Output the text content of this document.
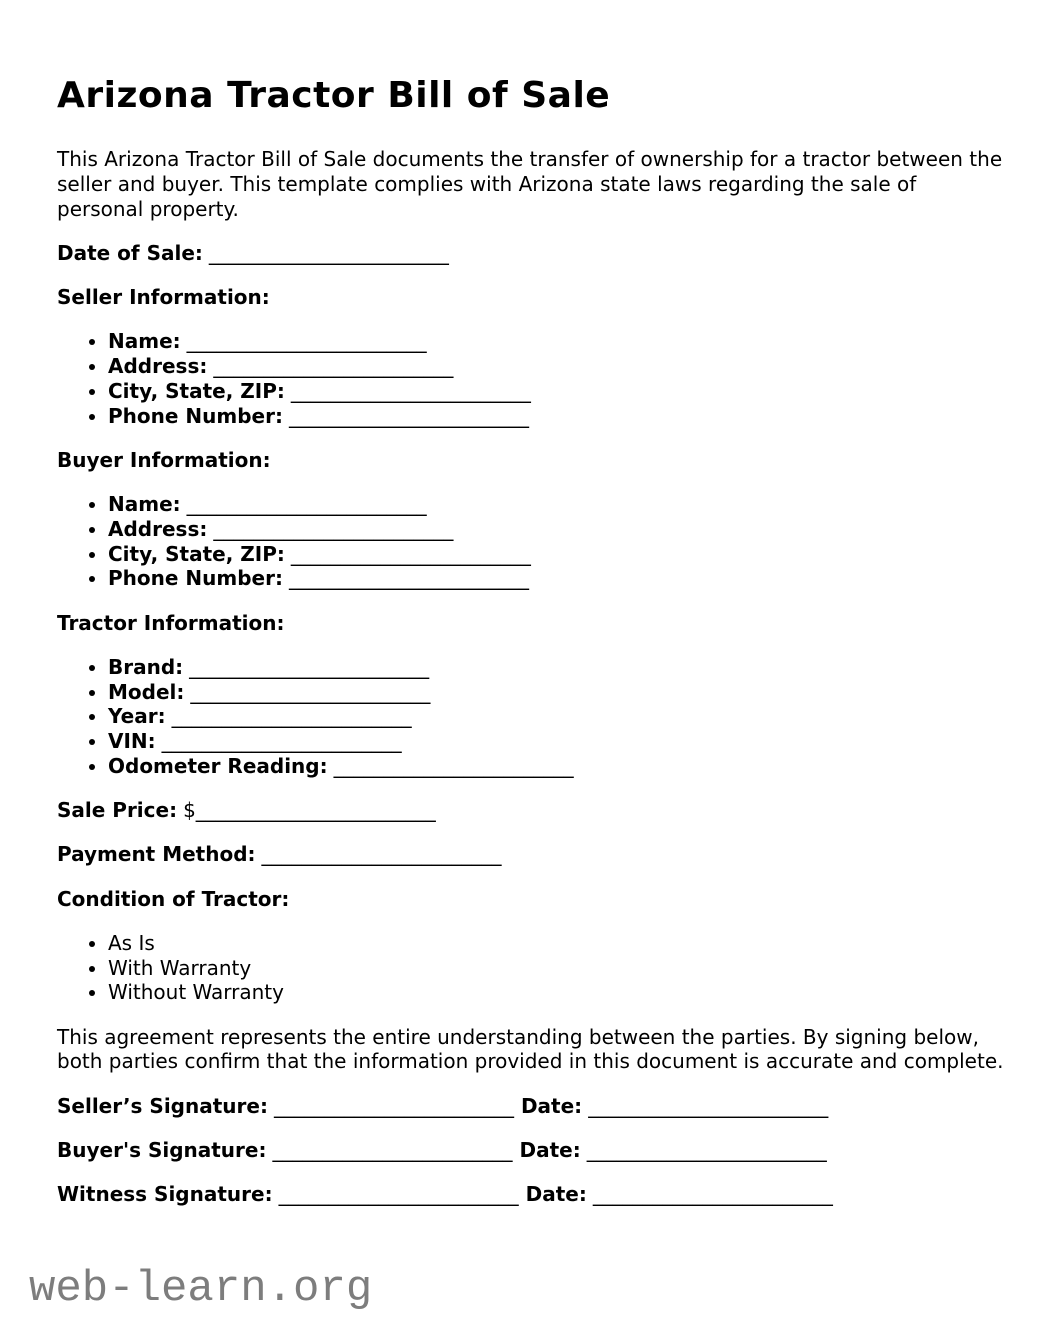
Arizona Tractor Bill of Sale

This Arizona Tractor Bill of Sale documents the transfer of ownership for a tractor between the seller and buyer. This template complies with Arizona state laws regarding the sale of personal property.

Date of Sale: ________________________

Seller Information:

• Name: ________________________
• Address: ________________________
• City, State, ZIP: ________________________
• Phone Number: ________________________

Buyer Information:

• Name: ________________________
• Address: ________________________
• City, State, ZIP: ________________________
• Phone Number: ________________________

Tractor Information:

• Brand: ________________________
• Model: ________________________
• Year: ________________________
• VIN: ________________________
• Odometer Reading: ________________________

Sale Price: $________________________

Payment Method: ________________________

Condition of Tractor:

• As Is
• With Warranty
• Without Warranty

This agreement represents the entire understanding between the parties. By signing below, both parties confirm that the information provided in this document is accurate and complete.

Seller’s Signature: ________________________ Date: ________________________

Buyer's Signature: ________________________ Date: ________________________

Witness Signature: ________________________ Date: ________________________

web-learn.org
